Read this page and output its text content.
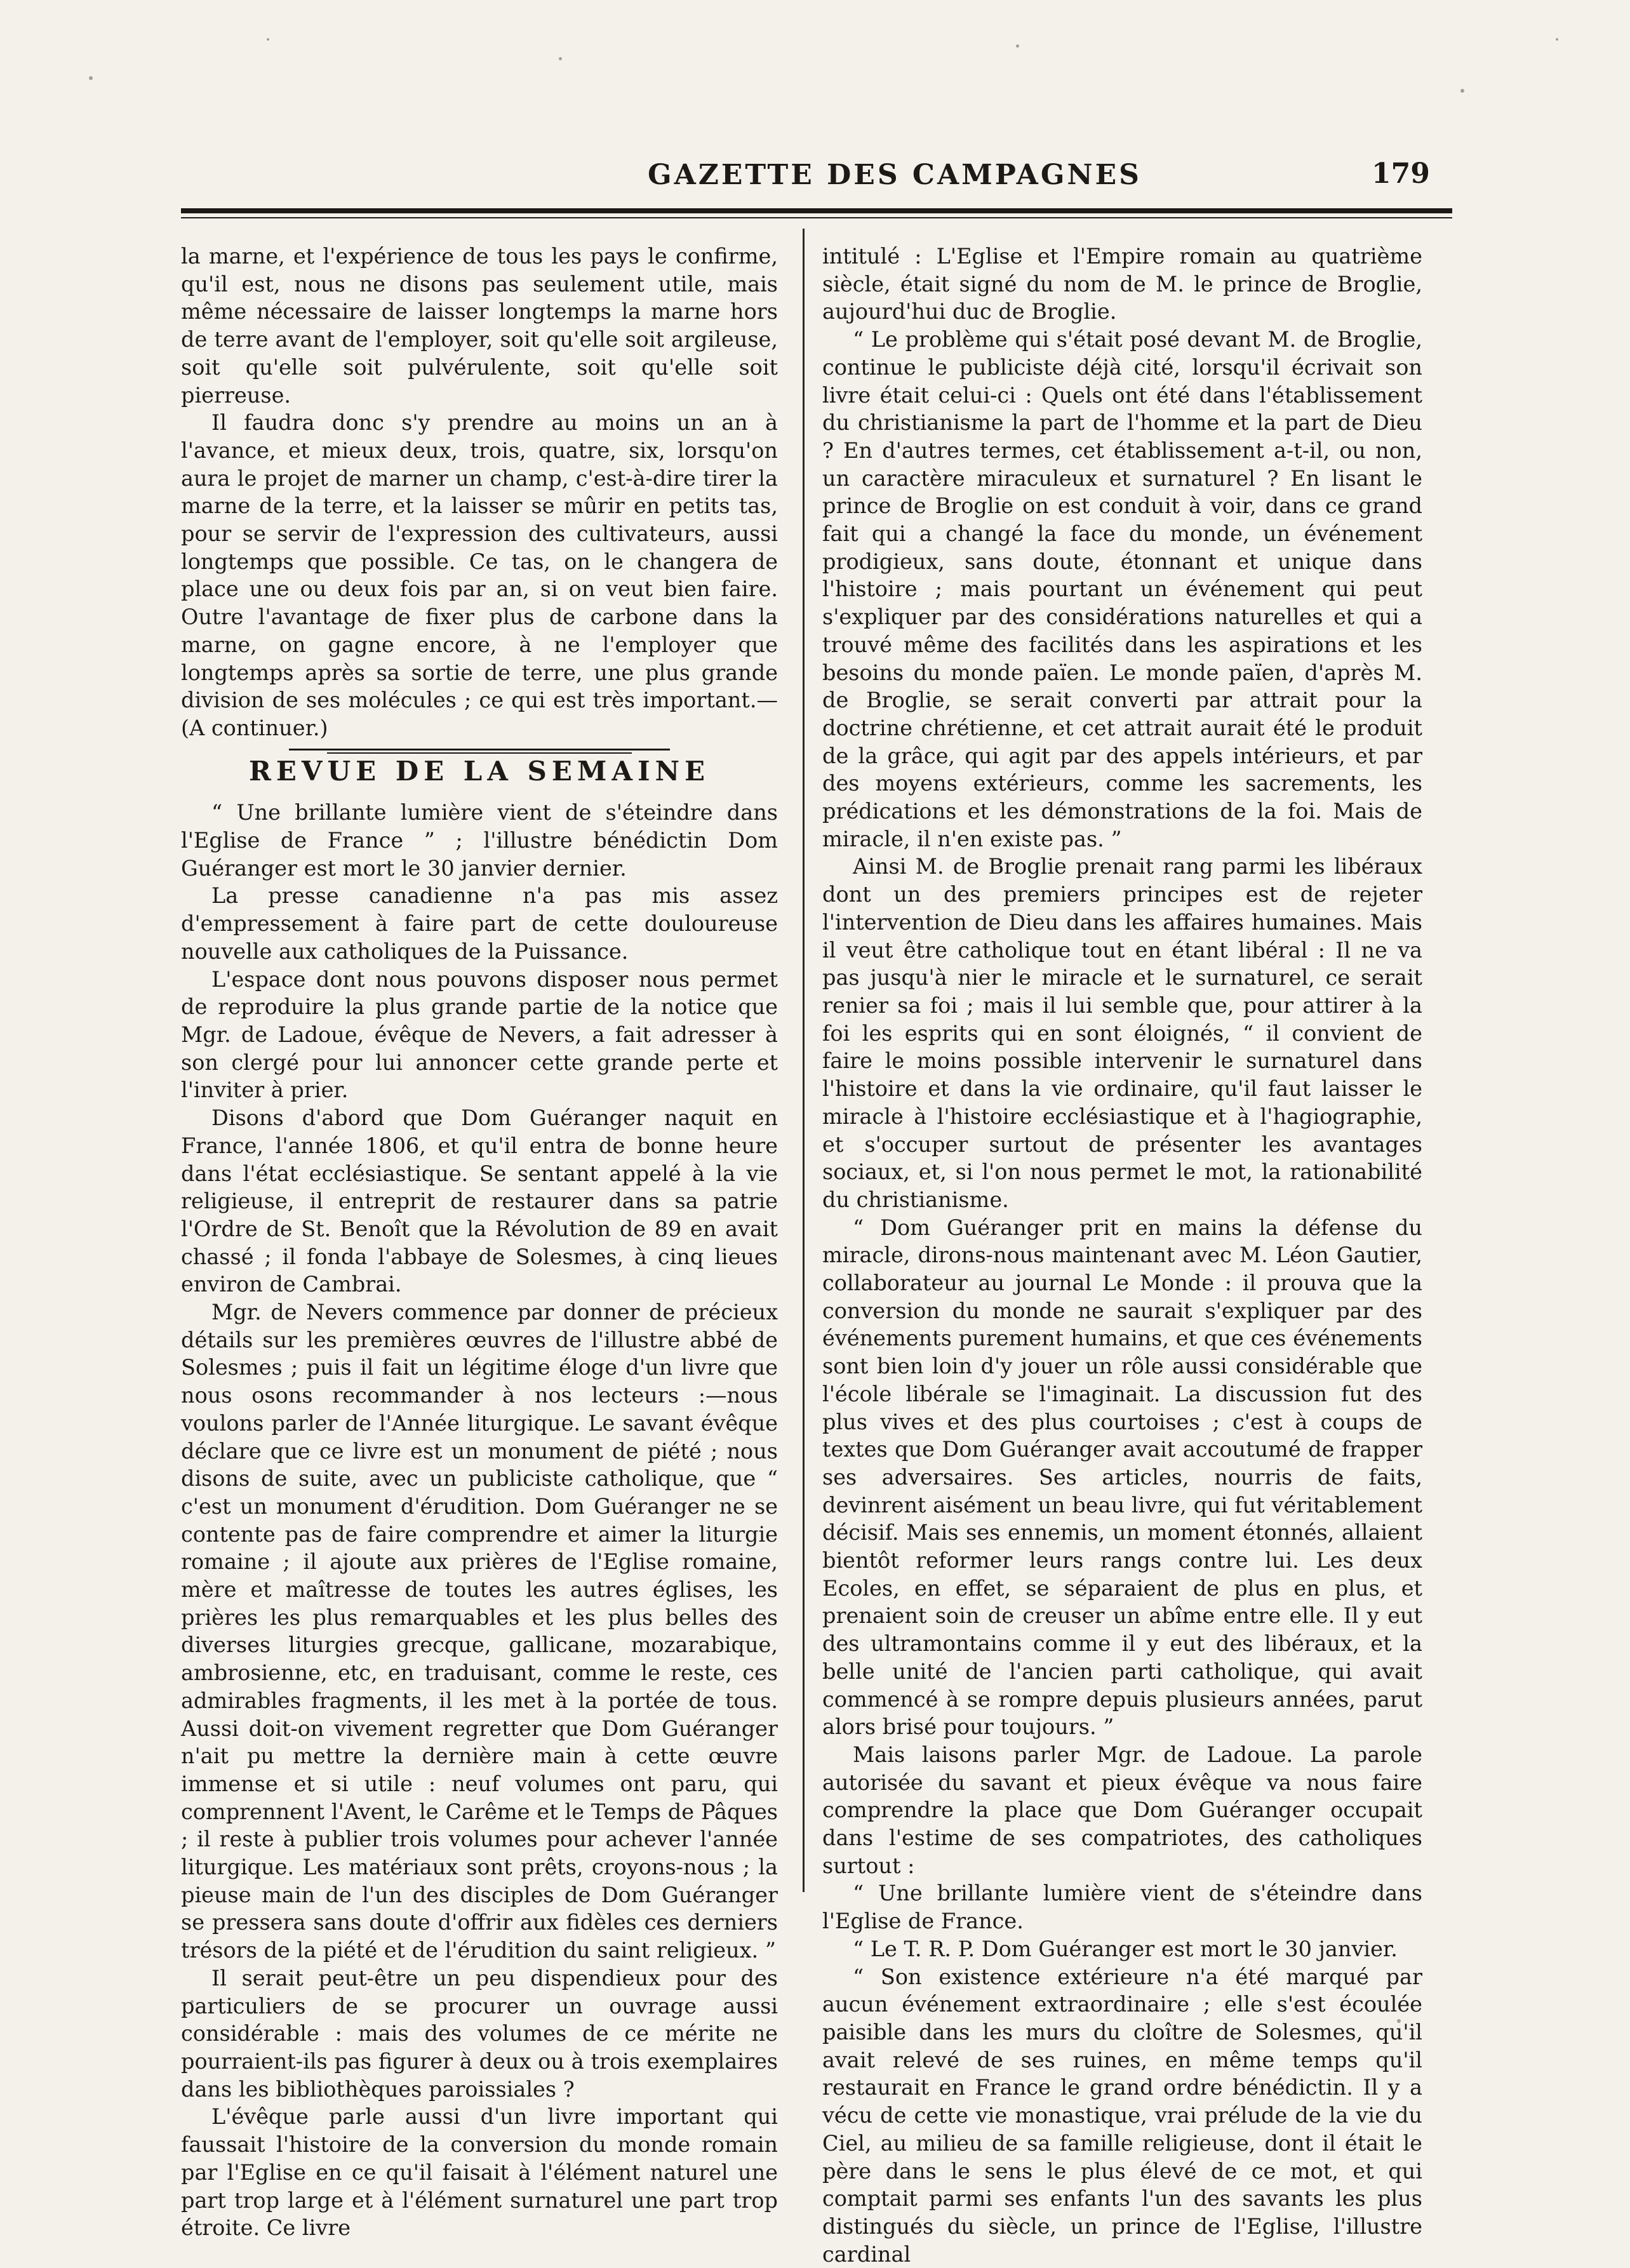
GAZETTE DES CAMPAGNES	179

la marne, et l'expérience de tous les pays le confirme, qu'il est, nous ne disons pas seulement utile, mais même nécessaire de laisser longtemps la marne hors de terre avant de l'employer, soit qu'elle soit argileuse, soit qu'elle soit pulvérulente, soit qu'elle soit pierreuse.

Il faudra donc s'y prendre au moins un an à l'avance, et mieux deux, trois, quatre, six, lorsqu'on aura le projet de marner un champ, c'est-à-dire tirer la marne de la terre, et la laisser se mûrir en petits tas, pour se servir de l'expression des cultivateurs, aussi longtemps que possible. Ce tas, on le changera de place une ou deux fois par an, si on veut bien faire. Outre l'avantage de fixer plus de carbone dans la marne, on gagne encore, à ne l'employer que longtemps après sa sortie de terre, une plus grande division de ses molécules ; ce qui est très important.—(A continuer.)

REVUE DE LA SEMAINE

“ Une brillante lumière vient de s'éteindre dans l'Eglise de France ” ; l'illustre bénédictin Dom Guéranger est mort le 30 janvier dernier.

La presse canadienne n'a pas mis assez d'empressement à faire part de cette douloureuse nouvelle aux catholiques de la Puissance.

L'espace dont nous pouvons disposer nous permet de reproduire la plus grande partie de la notice que Mgr. de Ladoue, évêque de Nevers, a fait adresser à son clergé pour lui annoncer cette grande perte et l'inviter à prier.

Disons d'abord que Dom Guéranger naquit en France, l'année 1806, et qu'il entra de bonne heure dans l'état ecclésiastique. Se sentant appelé à la vie religieuse, il entreprit de restaurer dans sa patrie l'Ordre de St. Benoît que la Révolution de 89 en avait chassé ; il fonda l'abbaye de Solesmes, à cinq lieues environ de Cambrai.

Mgr. de Nevers commence par donner de précieux détails sur les premières œuvres de l'illustre abbé de Solesmes ; puis il fait un légitime éloge d'un livre que nous osons recommander à nos lecteurs :—nous voulons parler de l'Année liturgique. Le savant évêque déclare que ce livre est un monument de piété ; nous disons de suite, avec un publiciste catholique, que “ c'est un monument d'érudition. Dom Guéranger ne se contente pas de faire comprendre et aimer la liturgie romaine ; il ajoute aux prières de l'Eglise romaine, mère et maîtresse de toutes les autres églises, les prières les plus remarquables et les plus belles des diverses liturgies grecque, gallicane, mozarabique, ambrosienne, etc, en traduisant, comme le reste, ces admirables fragments, il les met à la portée de tous. Aussi doit-on vivement regretter que Dom Guéranger n'ait pu mettre la dernière main à cette œuvre immense et si utile : neuf volumes ont paru, qui comprennent l'Avent, le Carême et le Temps de Pâques ; il reste à publier trois volumes pour achever l'année liturgique. Les matériaux sont prêts, croyons-nous ; la pieuse main de l'un des disciples de Dom Guéranger se pressera sans doute d'offrir aux fidèles ces derniers trésors de la piété et de l'érudition du saint religieux. ”

Il serait peut-être un peu dispendieux pour des particuliers de se procurer un ouvrage aussi considérable : mais des volumes de ce mérite ne pourraient-ils pas figurer à deux ou à trois exemplaires dans les bibliothèques paroissiales ?

L'évêque parle aussi d'un livre important qui faussait l'histoire de la conversion du monde romain par l'Eglise en ce qu'il faisait à l'élément naturel une part trop large et à l'élément surnaturel une part trop étroite. Ce livre

intitulé : L'Eglise et l'Empire romain au quatrième siècle, était signé du nom de M. le prince de Broglie, aujourd'hui duc de Broglie.

“ Le problème qui s'était posé devant M. de Broglie, continue le publiciste déjà cité, lorsqu'il écrivait son livre était celui-ci : Quels ont été dans l'établissement du christianisme la part de l'homme et la part de Dieu ? En d'autres termes, cet établissement a-t-il, ou non, un caractère miraculeux et surnaturel ? En lisant le prince de Broglie on est conduit à voir, dans ce grand fait qui a changé la face du monde, un événement prodigieux, sans doute, étonnant et unique dans l'histoire ; mais pourtant un événement qui peut s'expliquer par des considérations naturelles et qui a trouvé même des facilités dans les aspirations et les besoins du monde païen. Le monde païen, d'après M. de Broglie, se serait converti par attrait pour la doctrine chrétienne, et cet attrait aurait été le produit de la grâce, qui agit par des appels intérieurs, et par des moyens extérieurs, comme les sacrements, les prédications et les démonstrations de la foi. Mais de miracle, il n'en existe pas. ”

Ainsi M. de Broglie prenait rang parmi les libéraux dont un des premiers principes est de rejeter l'intervention de Dieu dans les affaires humaines. Mais il veut être catholique tout en étant libéral : Il ne va pas jusqu'à nier le miracle et le surnaturel, ce serait renier sa foi ; mais il lui semble que, pour attirer à la foi les esprits qui en sont éloignés, “ il convient de faire le moins possible intervenir le surnaturel dans l'histoire et dans la vie ordinaire, qu'il faut laisser le miracle à l'histoire ecclésiastique et à l'hagiographie, et s'occuper surtout de présenter les avantages sociaux, et, si l'on nous permet le mot, la rationabilité du christianisme.

“ Dom Guéranger prit en mains la défense du miracle, dirons-nous maintenant avec M. Léon Gautier, collaborateur au journal Le Monde : il prouva que la conversion du monde ne saurait s'expliquer par des événements purement humains, et que ces événements sont bien loin d'y jouer un rôle aussi considérable que l'école libérale se l'imaginait. La discussion fut des plus vives et des plus courtoises ; c'est à coups de textes que Dom Guéranger avait accoutumé de frapper ses adversaires. Ses articles, nourris de faits, devinrent aisément un beau livre, qui fut véritablement décisif. Mais ses ennemis, un moment étonnés, allaient bientôt reformer leurs rangs contre lui. Les deux Ecoles, en effet, se séparaient de plus en plus, et prenaient soin de creuser un abîme entre elle. Il y eut des ultramontains comme il y eut des libéraux, et la belle unité de l'ancien parti catholique, qui avait commencé à se rompre depuis plusieurs années, parut alors brisé pour toujours. ”

Mais laisons parler Mgr. de Ladoue. La parole autorisée du savant et pieux évêque va nous faire comprendre la place que Dom Guéranger occupait dans l'estime de ses compatriotes, des catholiques surtout :

“ Une brillante lumière vient de s'éteindre dans l'Eglise de France.

“ Le T. R. P. Dom Guéranger est mort le 30 janvier.

“ Son existence extérieure n'a été marqué par aucun événement extraordinaire ; elle s'est écoulée paisible dans les murs du cloître de Solesmes, qu'il avait relevé de ses ruines, en même temps qu'il restaurait en France le grand ordre bénédictin. Il y a vécu de cette vie monastique, vrai prélude de la vie du Ciel, au milieu de sa famille religieuse, dont il était le père dans le sens le plus élevé de ce mot, et qui comptait parmi ses enfants l'un des savants les plus distingués du siècle, un prince de l'Eglise, l'illustre cardinal
